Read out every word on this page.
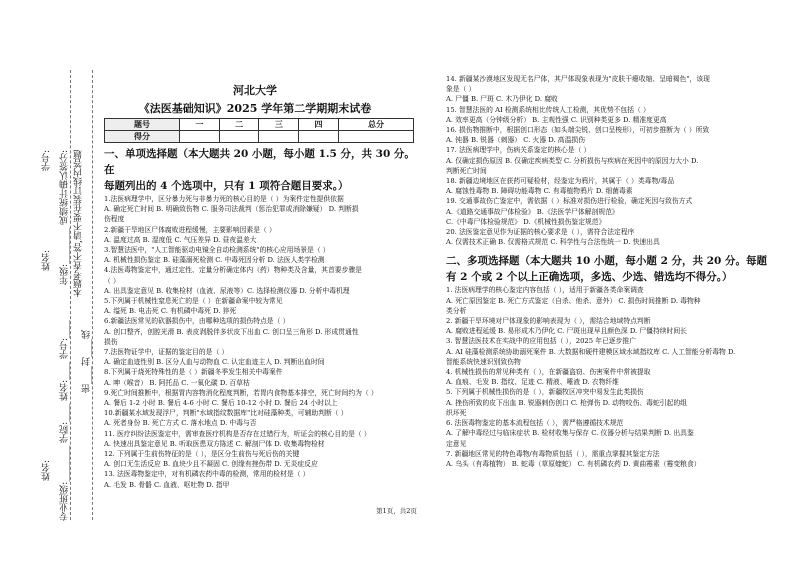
学号:
姓名: 年级:________ 成绩统计确认签分: 本题考查不答,请不要在装订线内答题
专业班级:________ 学院:____ 姓名:____ 学号:____ 密____封____线
姓名:
河北大学
《法医基础知识》2025 学年第二学期期末试卷
题号	一	二	三	四	总分
得分					
一、单项选择题（本大题共 20 小题，每小题 1.5 分，共 30 分。在
每题列出的 4 个选项中，只有 1 项符合题目要求。）
1.法医病理学中，区分暴力死与非暴力死的核心目的是（ ）为案件定性提供依据
A. 确定死亡时间 B. 明确致伤物 C. 服务司法裁判（惩治犯罪或消除嫌疑） D. 判断损
伤程度
2.新疆干旱地区尸体腐败进程缓慢，主要影响因素是（ ）
A. 温度过高 B. 湿度低 C. 气压差异 D. 昼夜温差大
3.智慧法医中，"人工智能驱动电镜全自动检测系统"的核心应用场景是（ ）
A. 机械性损伤鉴定 B. 硅藻溺死检测 C. 中毒死因分析 D. 法医人类学检测
4.法医毒物鉴定中，通过定性、定量分析确定体内（药）物种类及含量，其首要步骤是
（ ）
A. 出具鉴定意见 B. 收集检材（血液、尿液等）C. 选择检测仪器 D. 分析中毒机理
5.下列属于机械性窒息死亡的是（ ）在新疆命案中较为常见
A. 缢死 B. 电击死 C. 有机磷中毒死 D. 猝死
6.新疆法医常见的砍器损伤中，由哪种选项的损伤特点是（ ）
A. 创口整齐，创腔光滑 B. 表皮剥脱伴多状皮下出血 C. 创口呈三角形 D. 形成贯通性
损伤
7.法医物证学中，证据的鉴定目的是（ ）
A. 确定血迹性别 B. 区分人血与动物血 C. 认定血迹主人 D. 判断出血时间
8.下列属于烧死特殊性的是（ ）新疆冬季发生相关中毒案件
A. 呻（喉音） B. 阿托品 C. 一氧化碳 D. 百草枯
9.死亡时间推断中，根据胃内容物消化程度判断，若胃内食物基本排空，死亡时间约为（ ）
A. 餐后 1-2 小时 B. 餐后 4-6 小时 C. 餐后 10-12 小时 D. 餐后 24 小时以上
10.新疆某水域发现浮尸，判断"水域指纹数据库"比对硅藻种类，可辅助判断（ ）
A. 死者身份 B. 死亡方式 C. 落水地点 D. 中毒与否
11. 医疗纠纷法医鉴定中，需审查医疗机构是否存在过错行为，听证会的核心目的是（ ）
A. 快速出具鉴定意见 B. 听取医患双方陈述 C. 解剖尸体 D. 收集毒物检材
12. 下列属于生前伤特征的是（ ），是区分生前伤与死后伤的关键
A. 创口无生活反应 B. 血块少且不凝固 C. 创缘有挫伤带 D. 无炎症反应
13. 法医毒物鉴定中，对有机磷农药中毒的检测，常用的检材是（ ）
A. 毛发 B. 骨骼 C. 血液、呕吐物 D. 指甲
14. 新疆某沙漠地区发现无名尸体，其尸体现象表现为"皮肤干瘪收缩、呈暗褐色"，该现
象是（ ）
A. 尸僵 B. 尸斑 C. 木乃伊化 D. 腐败
15. 智慧法医的 AI 检测系统相比传统人工检测，其优势不包括（ ）
A. 效率更高（分钟级分析） B. 主观性强 C. 识别种类更多 D. 精准度更高
16. 损伤物推断中，根据创口形态（如头端尖锐、创口呈梭形），可初步推断为（ ）所致
A. 钝器 B. 锐器（刺器） C. 火器 D. 高温损伤
17. 法医病理学中，伤病关系鉴定的核心是（ ）
A. 仅确定损伤原因 B. 仅确定疾病类型 C. 分析损伤与疾病在死因中的原因力大小 D.
判断死亡时间
18. 新疆边境地区在获药可疑检材，经鉴定为鸦片，其属于（ ）类毒物/毒品
A. 腐蚀性毒物 B. 障碍功能毒物 C. 有毒植物鸦片 D. 细菌毒素
19. 交通事故伤亡鉴定中，需依据（ ）标准对损伤进行检验，确定死因与致伤方式
A.《道路交通事故尸体检验》 B.《法医学尸体解剖规范》
C.《中毒尸体检验规范》 D.《机械性损伤鉴定规范》
20. 法医鉴定意见作为证据的核心要求是（ ），需符合法定程序
A. 仅需技术正确 B. 仅需格式规范 C. 科学性与合法性统一 D. 快速出具
二、多项选择题（本大题共 10 小题，每小题 2 分，共 20 分。每题
有 2 个或 2 个以上正确选项，多选、少选、错选均不得分。）
1. 法医病理学的核心鉴定内容包括（ ），适用于新疆各类命案调查
A. 死亡原因鉴定 B. 死亡方式鉴定（自杀、他杀、意外） C. 损伤时间推断 D. 毒物种
类分析
2. 新疆干旱环境对尸体现象的影响表现为（ ），需结合地域特点判断
A. 腐败进程延缓 B. 易形成木乃伊化 C. 尸斑出现早且颜色深 D. 尸僵持续时间长
3. 智慧法医技术在实战中的应用包括（ ），2025 年已逐步推广
A. AI 硅藻检测系统协助溺死案件 B. 大数据和硬件建模区域水域指纹库 C. 人工智能分析毒物 D.
智能系统快速识别致伤物
4. 机械性损伤的常见种类有（ ），在新疆盗窃、伤害案件中常被提取
A. 血痕、毛发 B. 指纹、足迹 C. 精液、唾液 D. 衣物纤维
5. 下列属于机械性损伤的是（ ），新疆牧区冲突中易发生此类损伤
A. 挫伤所致的皮下出血 B. 锐器刺伤创口 C. 枪弹伤 D. 动物咬伤、毒蛇引起的组
织坏死
6. 法医毒物鉴定的基本流程包括（ ），需严格遵循技术规范
A. 了解中毒经过与临床症状 B. 检材收集与保存 C. 仪器分析与结果判断 D. 出具鉴
定意见
7. 新疆地区常见的特色毒物/有毒物质包括（ ），需重点掌握其鉴定方法
A. 乌头（有毒植物） B. 蛇毒（草原蝰蛇） C. 有机磷农药 D. 黄曲霉素（霉变粮食）
第1页，共2页
